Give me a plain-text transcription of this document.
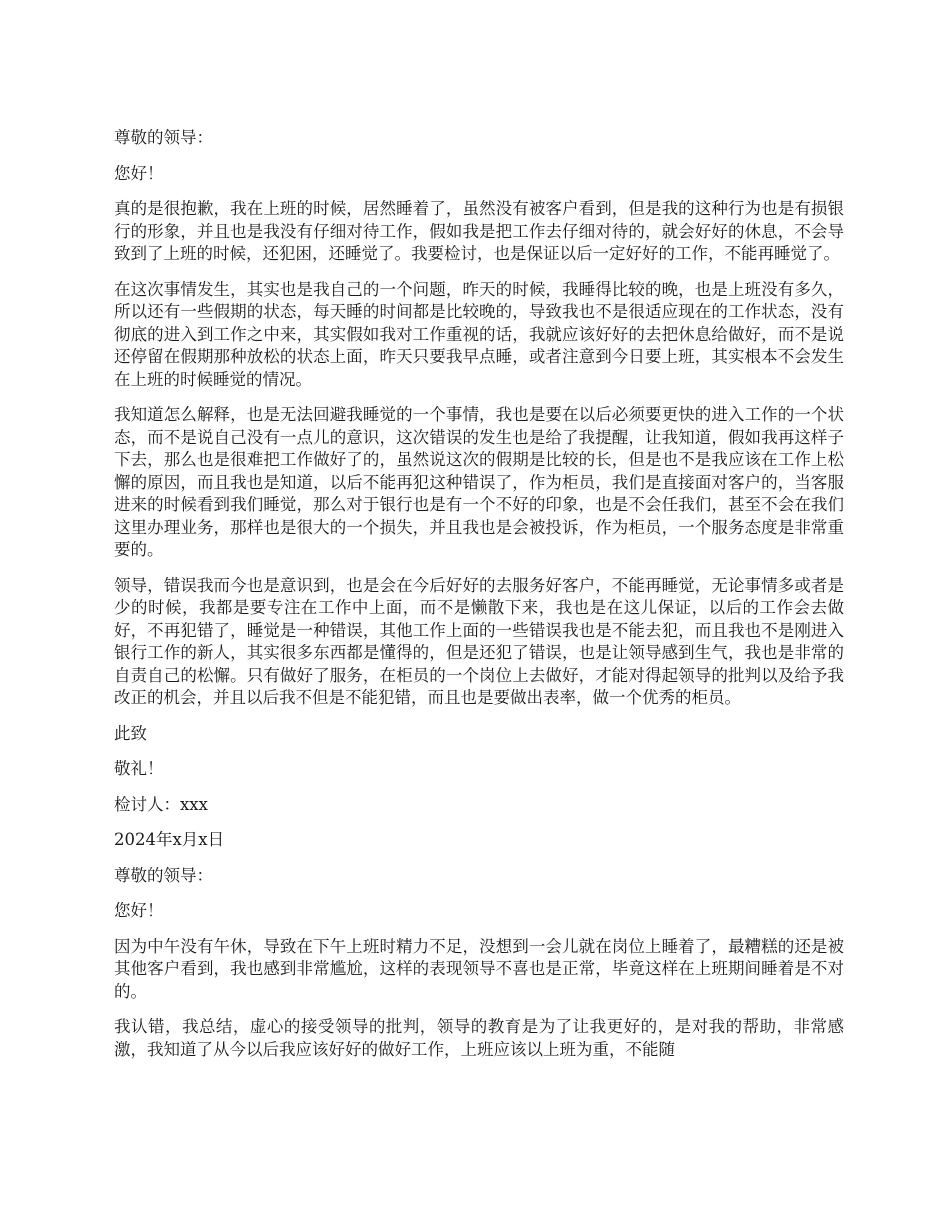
尊敬的领导：

您好！

真的是很抱歉，我在上班的时候，居然睡着了，虽然没有被客户看到，但是我的这种行为也是有损银行的形象，并且也是我没有仔细对待工作，假如我是把工作去仔细对待的，就会好好的休息，不会导致到了上班的时候，还犯困，还睡觉了。我要检讨，也是保证以后一定好好的工作，不能再睡觉了。

在这次事情发生，其实也是我自己的一个问题，昨天的时候，我睡得比较的晚，也是上班没有多久，所以还有一些假期的状态，每天睡的时间都是比较晚的，导致我也不是很适应现在的工作状态，没有彻底的进入到工作之中来，其实假如我对工作重视的话，我就应该好好的去把休息给做好，而不是说还停留在假期那种放松的状态上面，昨天只要我早点睡，或者注意到今日要上班，其实根本不会发生在上班的时候睡觉的情况。

我知道怎么解释，也是无法回避我睡觉的一个事情，我也是要在以后必须要更快的进入工作的一个状态，而不是说自己没有一点儿的意识，这次错误的发生也是给了我提醒，让我知道，假如我再这样子下去，那么也是很难把工作做好了的，虽然说这次的假期是比较的长，但是也不是我应该在工作上松懈的原因，而且我也是知道，以后不能再犯这种错误了，作为柜员，我们是直接面对客户的，当客服进来的时候看到我们睡觉，那么对于银行也是有一个不好的印象，也是不会任我们，甚至不会在我们这里办理业务，那样也是很大的一个损失，并且我也是会被投诉，作为柜员，一个服务态度是非常重要的。

领导，错误我而今也是意识到，也是会在今后好好的去服务好客户，不能再睡觉，无论事情多或者是少的时候，我都是要专注在工作中上面，而不是懒散下来，我也是在这儿保证，以后的工作会去做好，不再犯错了，睡觉是一种错误，其他工作上面的一些错误我也是不能去犯，而且我也不是刚进入银行工作的新人，其实很多东西都是懂得的，但是还犯了错误，也是让领导感到生气，我也是非常的自责自己的松懈。只有做好了服务，在柜员的一个岗位上去做好，才能对得起领导的批判以及给予我改正的机会，并且以后我不但是不能犯错，而且也是要做出表率，做一个优秀的柜员。

此致

敬礼！

检讨人：xxx

2024年x月x日

尊敬的领导：

您好！

因为中午没有午休，导致在下午上班时精力不足，没想到一会儿就在岗位上睡着了，最糟糕的还是被其他客户看到，我也感到非常尴尬，这样的表现领导不喜也是正常，毕竟这样在上班期间睡着是不对的。

我认错，我总结，虚心的接受领导的批判，领导的教育是为了让我更好的，是对我的帮助，非常感激，我知道了从今以后我应该好好的做好工作，上班应该以上班为重，不能随
